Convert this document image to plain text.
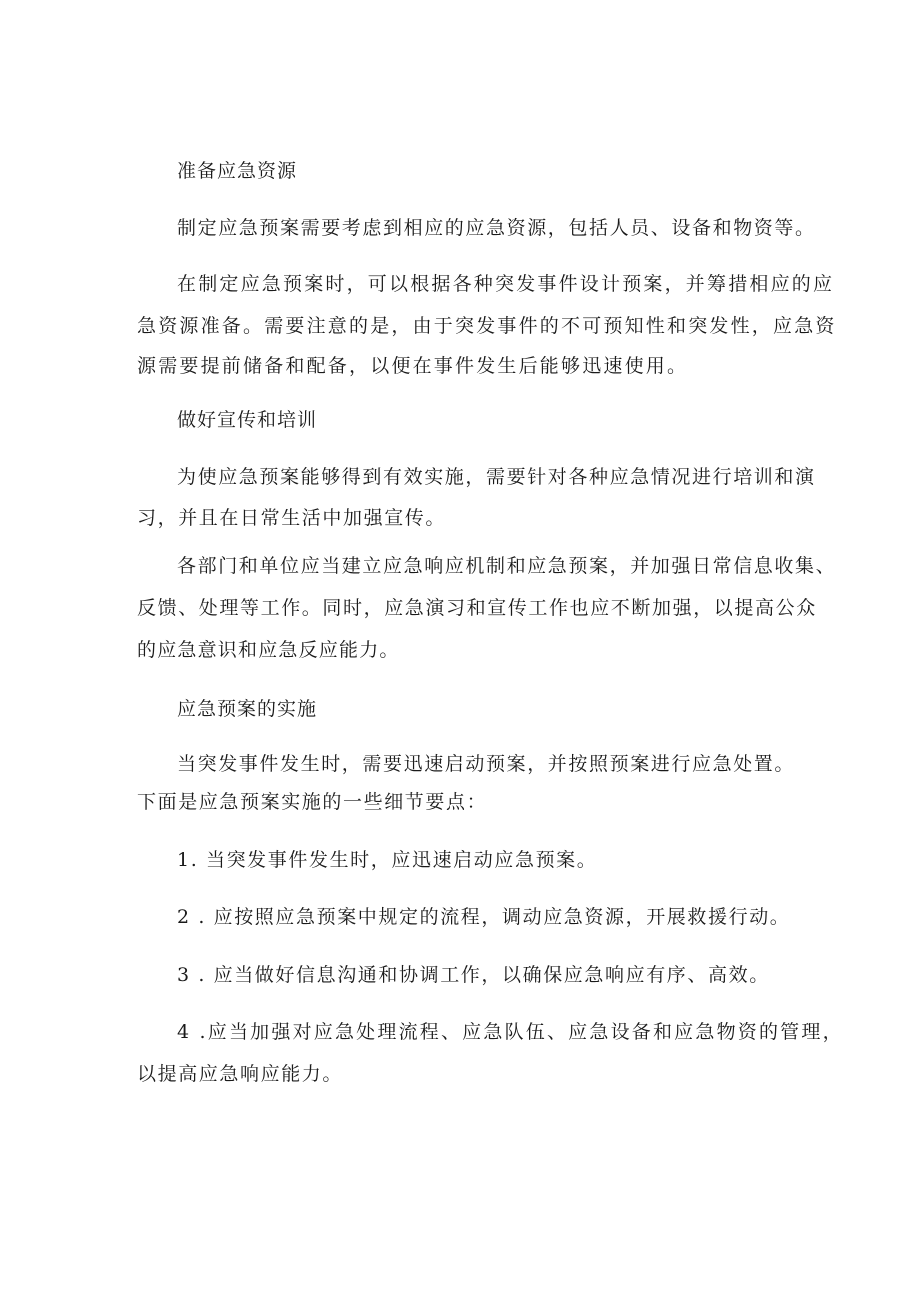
准备应急资源
制定应急预案需要考虑到相应的应急资源，包括人员、设备和物资等。
在制定应急预案时，可以根据各种突发事件设计预案，并筹措相应的应
急资源准备。需要注意的是，由于突发事件的不可预知性和突发性，应急资
源需要提前储备和配备，以便在事件发生后能够迅速使用。
做好宣传和培训
为使应急预案能够得到有效实施，需要针对各种应急情况进行培训和演
习，并且在日常生活中加强宣传。
各部门和单位应当建立应急响应机制和应急预案，并加强日常信息收集、
反馈、处理等工作。同时，应急演习和宣传工作也应不断加强，以提高公众
的应急意识和应急反应能力。
应急预案的实施
当突发事件发生时，需要迅速启动预案，并按照预案进行应急处置。
下面是应急预案实施的一些细节要点：
1. 当突发事件发生时，应迅速启动应急预案。
2 . 应按照应急预案中规定的流程，调动应急资源，开展救援行动。
3 . 应当做好信息沟通和协调工作，以确保应急响应有序、高效。
4 .应当加强对应急处理流程、应急队伍、应急设备和应急物资的管理，
以提高应急响应能力。
